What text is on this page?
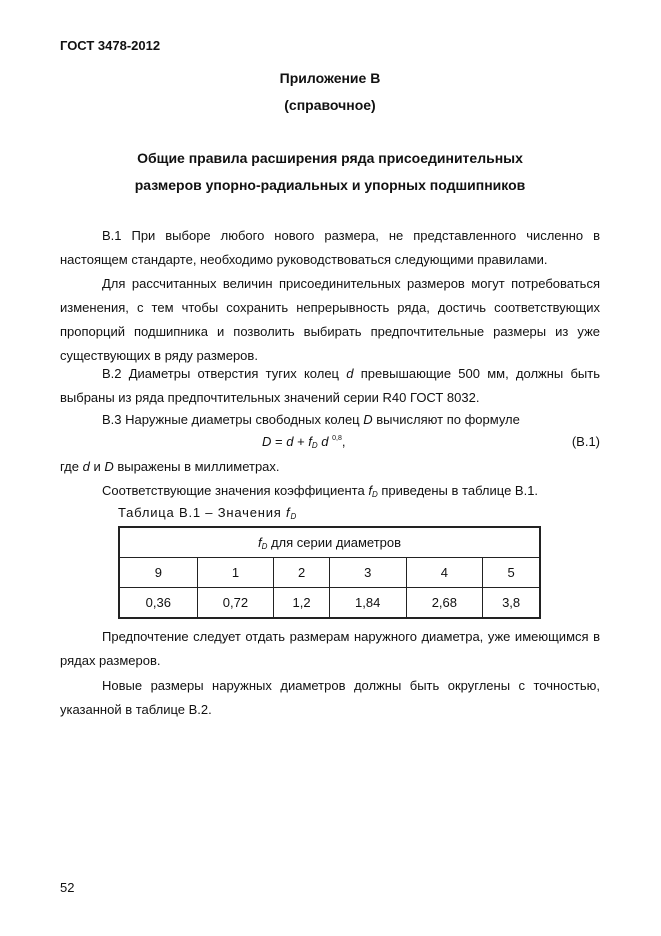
ГОСТ 3478-2012
Приложение В
(справочное)
Общие правила расширения ряда присоединительных
размеров упорно-радиальных и упорных подшипников
В.1 При выборе любого нового размера, не представленного численно в настоящем стандарте, необходимо руководствоваться следующими правилами.
Для рассчитанных величин присоединительных размеров могут потребоваться изменения, с тем чтобы сохранить непрерывность ряда, достичь соответствующих пропорций подшипника и позволить выбирать предпочтительные размеры из уже существующих в ряду размеров.
В.2 Диаметры отверстия тугих колец d превышающие 500 мм, должны быть выбраны из ряда предпочтительных значений серии R40 ГОСТ 8032.
В.3 Наружные диаметры свободных колец D вычисляют по формуле
$D = d + f_D$ d $^{0,8}$,	(В.1)
где d и D выражены в миллиметрах.
Соответствующие значения коэффициента $f_D$ приведены в таблице В.1.
Таблица В.1 – Значения $f_D$
$f_D$ для серии диаметров					
9	1	2	3	4	5
0,36	0,72	1,2	1,84	2,68	3,8
Предпочтение следует отдать размерам наружного диаметра, уже имеющимся в рядах размеров.
Новые размеры наружных диаметров должны быть округлены с точностью, указанной в таблице В.2.
52
